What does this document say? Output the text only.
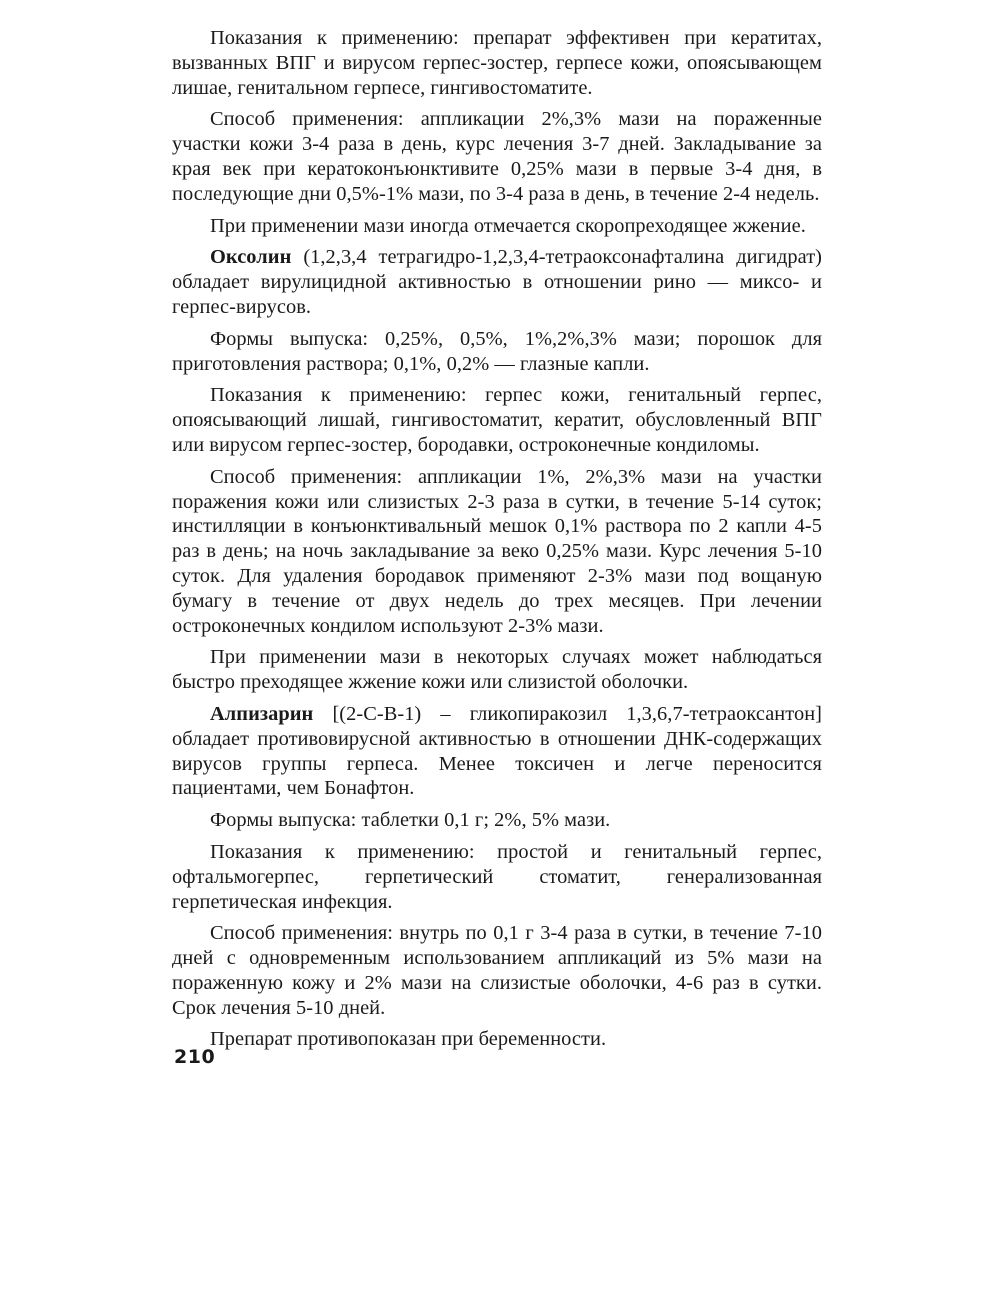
Показания к применению: препарат эффективен при кератитах, вызванных ВПГ и вирусом герпес-зостер, герпесе кожи, опоясывающем лишае, генитальном герпесе, гингивостоматите.

Способ применения: аппликации 2%,3% мази на пораженные участки кожи 3-4 раза в день, курс лечения 3-7 дней. Закладывание за края век при кератоконъюнктивите 0,25% мази в первые 3-4 дня, в последующие дни 0,5%-1% мази, по 3-4 раза в день, в течение 2-4 недель.

При применении мази иногда отмечается скоропреходящее жжение.

Оксолин (1,2,3,4 тетрагидро-1,2,3,4-тетраоксонафталина дигидрат) обладает вирулицидной активностью в отношении рино — миксо- и герпес-вирусов.

Формы выпуска: 0,25%, 0,5%, 1%,2%,3% мази; порошок для приготовления раствора; 0,1%, 0,2% — глазные капли.

Показания к применению: герпес кожи, генитальный герпес, опоясывающий лишай, гингивостоматит, кератит, обусловленный ВПГ или вирусом герпес-зостер, бородавки, остроконечные кондиломы.

Способ применения: аппликации 1%, 2%,3% мази на участки поражения кожи или слизистых 2-3 раза в сутки, в течение 5-14 суток; инстилляции в конъюнктивальный мешок 0,1% раствора по 2 капли 4-5 раз в день; на ночь закладывание за веко 0,25% мази. Курс лечения 5-10 суток. Для удаления бородавок применяют 2-3% мази под вощаную бумагу в течение от двух недель до трех месяцев. При лечении остроконечных кондилом используют 2-3% мази.

При применении мази в некоторых случаях может наблюдаться быстро преходящее жжение кожи или слизистой оболочки.

Алпизарин [(2-С-В-1) – гликопиракозил 1,3,6,7-тетраоксантон] обладает противовирусной активностью в отношении ДНК-содержащих вирусов группы герпеса. Менее токсичен и легче переносится пациентами, чем Бонафтон.

Формы выпуска: таблетки 0,1 г; 2%, 5% мази.

Показания к применению: простой и генитальный герпес, офтальмогерпес, герпетический стоматит, генерализованная герпетическая инфекция.

Способ применения: внутрь по 0,1 г 3-4 раза в сутки, в течение 7-10 дней с одновременным использованием аппликаций из 5% мази на пораженную кожу и 2% мази на слизистые оболочки, 4-6 раз в сутки. Срок лечения 5-10 дней.

Препарат противопоказан при беременности.

210
